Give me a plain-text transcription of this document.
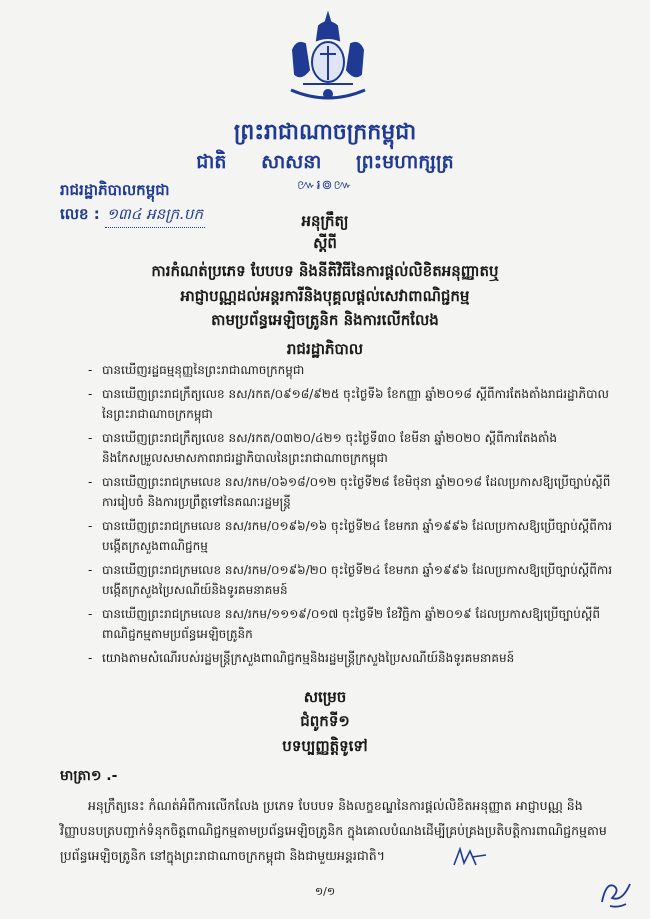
ព្រះរាជាណាចក្រកម្ពុជា
ជាតិ សាសនា ព្រះមហាក្សត្រ
៚៛៙៚
រាជរដ្ឋាភិបាលកម្ពុជា
លេខ : ១៣៤ អនក្រ.បក	អនុក្រឹត្យ
ស្តីពី
ការកំណត់ប្រភេទ បែបបទ និងនីតិវិធីនៃការផ្តល់លិខិតអនុញ្ញាតឬ
អាជ្ញាបណ្ណដល់អន្តរការីនិងបុគ្គលផ្តល់សេវាពាណិជ្ជកម្ម
តាមប្រព័ន្ធអេឡិចត្រូនិក និងការលើកលែង
រាជរដ្ឋាភិបាល
- បានឃើញរដ្ឋធម្មនុញ្ញនៃព្រះរាជាណាចក្រកម្ពុជា
- បានឃើញព្រះរាជក្រឹត្យលេខ នស/រកត/០៩១៨/៩២៥ ចុះថ្ងៃទី៦ ខែកញ្ញា ឆ្នាំ២០១៨ ស្តីពីការតែងតាំងរាជរដ្ឋាភិបាលនៃព្រះរាជាណាចក្រកម្ពុជា
- បានឃើញព្រះរាជក្រឹត្យលេខ នស/រកត/០៣២០/៤២១ ចុះថ្ងៃទី៣០ ខែមីនា ឆ្នាំ២០២០ ស្តីពីការតែងតាំងនិងកែសម្រួលសមាសភាពរាជរដ្ឋាភិបាលនៃព្រះរាជាណាចក្រកម្ពុជា
- បានឃើញព្រះរាជក្រមលេខ នស/រកម/០៦១៨/០១២ ចុះថ្ងៃទី២៨ ខែមិថុនា ឆ្នាំ២០១៨ ដែលប្រកាសឱ្យប្រើច្បាប់ស្តីពីការរៀបចំ និងការប្រព្រឹត្តទៅនៃគណៈរដ្ឋមន្ត្រី
- បានឃើញព្រះរាជក្រមលេខ នស/រកម/០១៩៦/១៦ ចុះថ្ងៃទី២៤ ខែមករា ឆ្នាំ១៩៩៦ ដែលប្រកាសឱ្យប្រើច្បាប់ស្តីពីការបង្កើតក្រសួងពាណិជ្ជកម្ម
- បានឃើញព្រះរាជក្រមលេខ នស/រកម/០១៩៦/២០ ចុះថ្ងៃទី២៤ ខែមករា ឆ្នាំ១៩៩៦ ដែលប្រកាសឱ្យប្រើច្បាប់ស្តីពីការបង្កើតក្រសួងប្រៃសណីយ៍និងទូរគមនាគមន៍
- បានឃើញព្រះរាជក្រមលេខ នស/រកម/១១១៩/០១៧ ចុះថ្ងៃទី២ ខែវិច្ឆិកា ឆ្នាំ២០១៩ ដែលប្រកាសឱ្យប្រើច្បាប់ស្តីពីពាណិជ្ជកម្មតាមប្រព័ន្ធអេឡិចត្រូនិក
- យោងតាមសំណើរបស់រដ្ឋមន្ត្រីក្រសួងពាណិជ្ជកម្មនិងរដ្ឋមន្ត្រីក្រសួងប្រៃសណីយ៍និងទូរគមនាគមន៍
សម្រេច
ជំពូកទី១
បទប្បញ្ញត្តិទូទៅ
មាត្រា១ .-

អនុក្រឹត្យនេះ កំណត់អំពីការលើកលែង ប្រភេទ បែបបទ និងលក្ខខណ្ឌនៃការផ្តល់លិខិតអនុញ្ញាត អាជ្ញាបណ្ណ និងវិញ្ញាបនបត្របញ្ជាក់ទំនុកចិត្តពាណិជ្ជកម្មតាមប្រព័ន្ធអេឡិចត្រូនិក ក្នុងគោលបំណងដើម្បីគ្រប់គ្រងប្រតិបត្តិការពាណិជ្ជកម្មតាមប្រព័ន្ធអេឡិចត្រូនិក នៅក្នុងព្រះរាជាណាចក្រកម្ពុជា និងជាមួយអន្តរជាតិ។

១/១
